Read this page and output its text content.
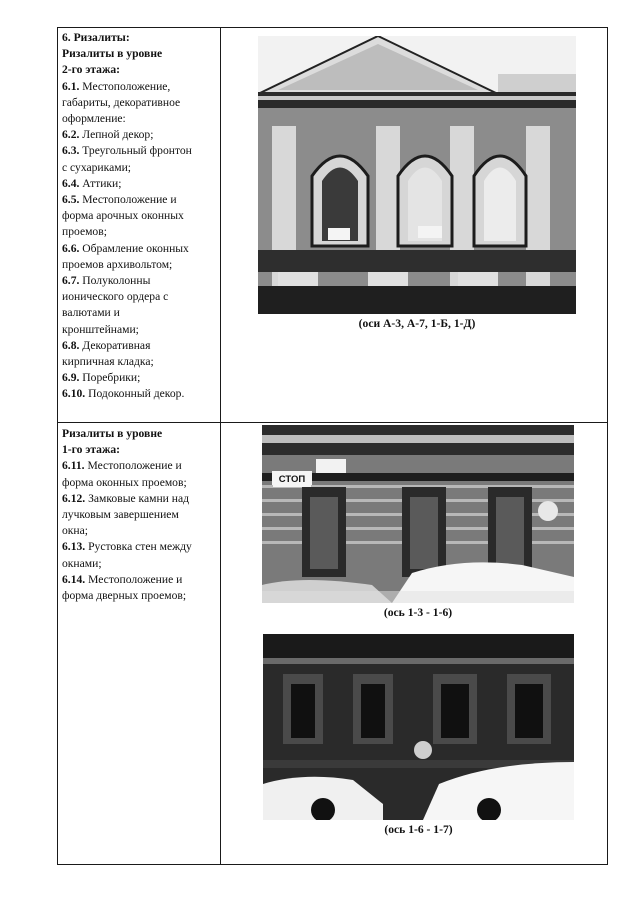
6. Ризалиты:
Ризалиты в уровне
2-го этажа:
6.1. Местоположение,
габариты, декоративное
оформление:
6.2. Лепной декор;
6.3. Треугольный фронтон
с сухариками;
6.4. Аттики;
6.5. Местоположение и
форма арочных оконных
проемов;
6.6. Обрамление оконных
проемов архивольтом;
6.7. Полуколонны
ионического ордера с
валютами и
кронштейнами;
6.8. Декоративная
кирпичная кладка;
6.9. Поребрики;
6.10. Подоконный декор.
(оси А-3, А-7, 1-Б, 1-Д)
Ризалиты в уровне
1-го этажа:
6.11. Местоположение и
форма оконных проемов;
6.12. Замковые камни над
лучковым завершением
окна;
6.13. Рустовка стен между
окнами;
6.14. Местоположение и
форма дверных проемов;
СТОП
(ось 1-3 - 1-6)
(ось 1-6 - 1-7)
